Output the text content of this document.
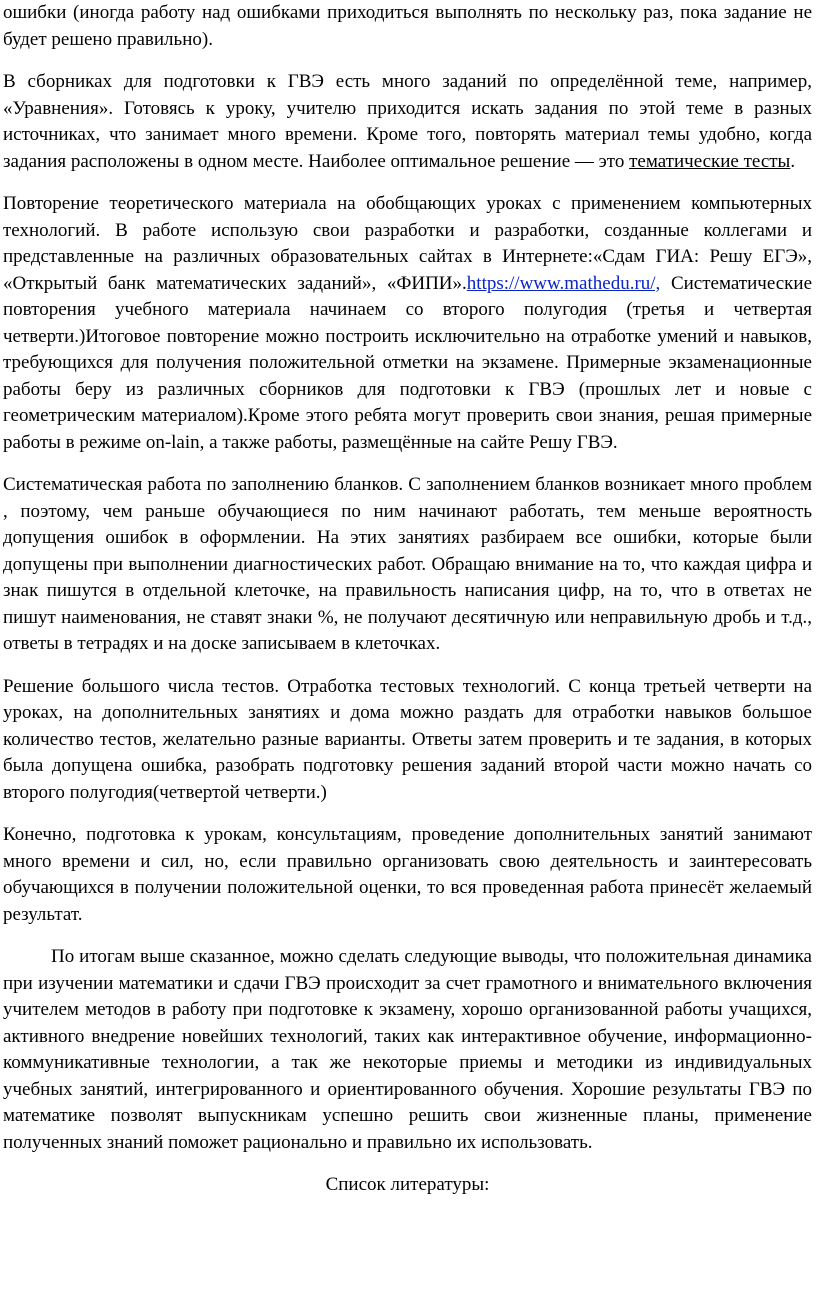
ошибки (иногда работу над ошибками приходиться выполнять по нескольку раз, пока задание не будет решено правильно).

В сборниках для подготовки к ГВЭ есть много заданий по определённой теме, например, «Уравнения». Готовясь к уроку, учителю приходится искать задания по этой теме в разных источниках, что занимает много времени. Кроме того, повторять материал темы удобно, когда задания расположены в одном месте. Наиболее оптимальное решение — это тематические тесты.

Повторение теоретического материала на обобщающих уроках с применением компьютерных технологий. В работе использую свои разработки и разработки, созданные коллегами и представленные на различных образовательных сайтах в Интернете:«Сдам ГИА: Решу ЕГЭ», «Открытый банк математических заданий», «ФИПИ».https://www.mathedu.ru/, Систематические повторения учебного материала начинаем со второго полугодия (третья и четвертая четверти.)Итоговое повторение можно построить исключительно на отработке умений и навыков, требующихся для получения положительной отметки на экзамене. Примерные экзаменационные работы беру из различных сборников для подготовки к ГВЭ (прошлых лет и новые с геометрическим материалом).Кроме этого ребята могут проверить свои знания, решая примерные работы в режиме on-lain, а также работы, размещённые на сайте Решу ГВЭ.

Систематическая работа по заполнению бланков. С заполнением бланков возникает много проблем , поэтому, чем раньше обучающиеся по ним начинают работать, тем меньше вероятность допущения ошибок в оформлении. На этих занятиях разбираем все ошибки, которые были допущены при выполнении диагностических работ. Обращаю внимание на то, что каждая цифра и знак пишутся в отдельной клеточке, на правильность написания цифр, на то, что в ответах не пишут наименования, не ставят знаки %, не получают десятичную или неправильную дробь и т.д., ответы в тетрадях и на доске записываем в клеточках.

Решение большого числа тестов. Отработка тестовых технологий. С конца третьей четверти на уроках, на дополнительных занятиях и дома можно раздать для отработки навыков большое количество тестов, желательно разные варианты. Ответы затем проверить и те задания, в которых была допущена ошибка, разобрать подготовку решения заданий второй части можно начать со второго полугодия(четвертой четверти.)

Конечно, подготовка к урокам, консультациям, проведение дополнительных занятий занимают много времени и сил, но, если правильно организовать свою деятельность и заинтересовать обучающихся в получении положительной оценки, то вся проведенная работа принесёт желаемый результат.

По итогам выше сказанное, можно сделать следующие выводы, что положительная динамика при изучении математики и сдачи ГВЭ происходит за счет грамотного и внимательного включения учителем методов в работу при подготовке к экзамену, хорошо организованной работы учащихся, активного внедрение новейших технологий, таких как интерактивное обучение, информационно-коммуникативные технологии, а так же некоторые приемы и методики из индивидуальных учебных занятий, интегрированного и ориентированного обучения. Хорошие результаты ГВЭ по математике позволят выпускникам успешно решить свои жизненные планы, применение полученных знаний поможет рационально и правильно их использовать.

Список литературы:
